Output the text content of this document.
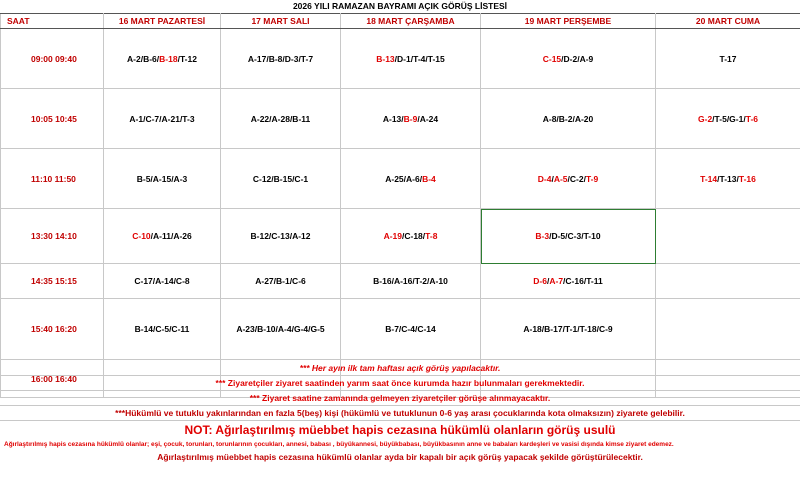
2026 YILI RAMAZAN BAYRAMI AÇIK GÖRÜŞ LİSTESİ
SAAT	16 MART PAZARTESİ	17 MART SALI	18 MART ÇARŞAMBA	19 MART PERŞEMBE	20 MART CUMA
09:00 09:40	A-2/B-6/B-18/T-12	A-17/B-8/D-3/T-7	B-13/D-1/T-4/T-15	C-15/D-2/A-9	T-17
10:05 10:45	A-1/C-7/A-21/T-3	A-22/A-28/B-11	A-13/B-9/A-24	A-8/B-2/A-20	G-2/T-5/G-1/T-6
11:10 11:50	B-5/A-15/A-3	C-12/B-15/C-1	A-25/A-6/B-4	D-4/A-5/C-2/T-9	T-14/T-13/T-16
13:30 14:10	C-10/A-11/A-26	B-12/C-13/A-12	A-19/C-18/T-8	B-3/D-5/C-3/T-10	
14:35 15:15	C-17/A-14/C-8	A-27/B-1/C-6	B-16/A-16/T-2/A-10	D-6/A-7/C-16/T-11	
15:40 16:20	B-14/C-5/C-11	A-23/B-10/A-4/G-4/G-5	B-7/C-4/C-14	A-18/B-17/T-1/T-18/C-9	
16:00 16:40					
*** Her ayın ilk tam haftası açık görüş yapılacaktır.
*** Ziyaretçiler ziyaret saatinden yarım saat önce kurumda hazır bulunmaları gerekmektedir.
*** Ziyaret saatine zamanında gelmeyen ziyaretçiler görüşe alınmayacaktır.
***Hükümlü ve tutuklu yakınlarından en fazla 5(beş) kişi (hükümlü ve tutuklunun 0-6 yaş arası çocuklarında kota olmaksızın) ziyarete gelebilir.
NOT: Ağırlaştırılmış müebbet hapis cezasına hükümlü olanların görüş usulü
Ağırlaştırılmış hapis cezasına hükümlü olanlar; eşi, çocuk, torunları, torunlarının çocukları, annesi, babası , büyükannesi, büyükbabası, büyükbasının anne ve babaları kardeşleri ve vasisi dışında kimse ziyaret edemez.
Ağırlaştırılmış müebbet hapis cezasına hükümlü olanlar ayda bir kapalı bir açık görüş yapacak şekilde görüştürülecektir.
